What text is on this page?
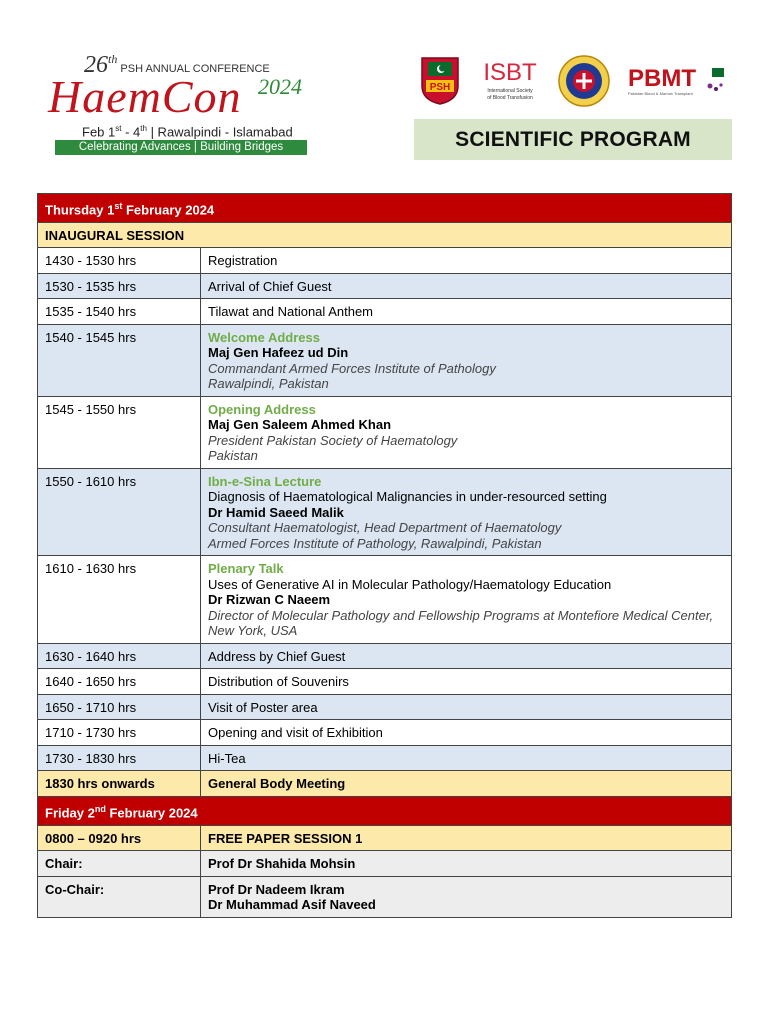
26th PSH ANNUAL CONFERENCE
HaemCon 2024
Feb 1st - 4th | Rawalpindi - Islamabad
Celebrating Advances | Building Bridges
PSH
ISBT
International Society
of Blood Transfusion
PBMT
Pakistan Blood & Marrow Transplant
SCIENTIFIC PROGRAM
Thursday 1st February 2024	
INAUGURAL SESSION	
1430 - 1530 hrs	Registration
1530 - 1535 hrs	Arrival of Chief Guest
1535 - 1540 hrs	Tilawat and National Anthem
1540 - 1545 hrs	Welcome Address
Maj Gen Hafeez ud Din
Commandant Armed Forces Institute of Pathology
Rawalpindi, Pakistan

1545 - 1550 hrs	Opening Address
Maj Gen Saleem Ahmed Khan
President Pakistan Society of Haematology
Pakistan

1550 - 1610 hrs	Ibn-e-Sina Lecture
Diagnosis of Haematological Malignancies in under-resourced setting
Dr Hamid Saeed Malik
Consultant Haematologist, Head Department of Haematology
Armed Forces Institute of Pathology, Rawalpindi, Pakistan

1610 - 1630 hrs	Plenary Talk
Uses of Generative AI in Molecular Pathology/Haematology Education
Dr Rizwan C Naeem
Director of Molecular Pathology and Fellowship Programs at Montefiore Medical Center, New York, USA

1630 - 1640 hrs	Address by Chief Guest
1640 - 1650 hrs	Distribution of Souvenirs
1650 - 1710 hrs	Visit of Poster area
1710 - 1730 hrs	Opening and visit of Exhibition
1730 - 1830 hrs	Hi-Tea
1830 hrs onwards	General Body Meeting
Friday 2nd February 2024	
0800 – 0920 hrs	FREE PAPER SESSION 1
Chair:	Prof Dr Shahida Mohsin
Co-Chair:	Prof Dr Nadeem Ikram
Dr Muhammad Asif Naveed
